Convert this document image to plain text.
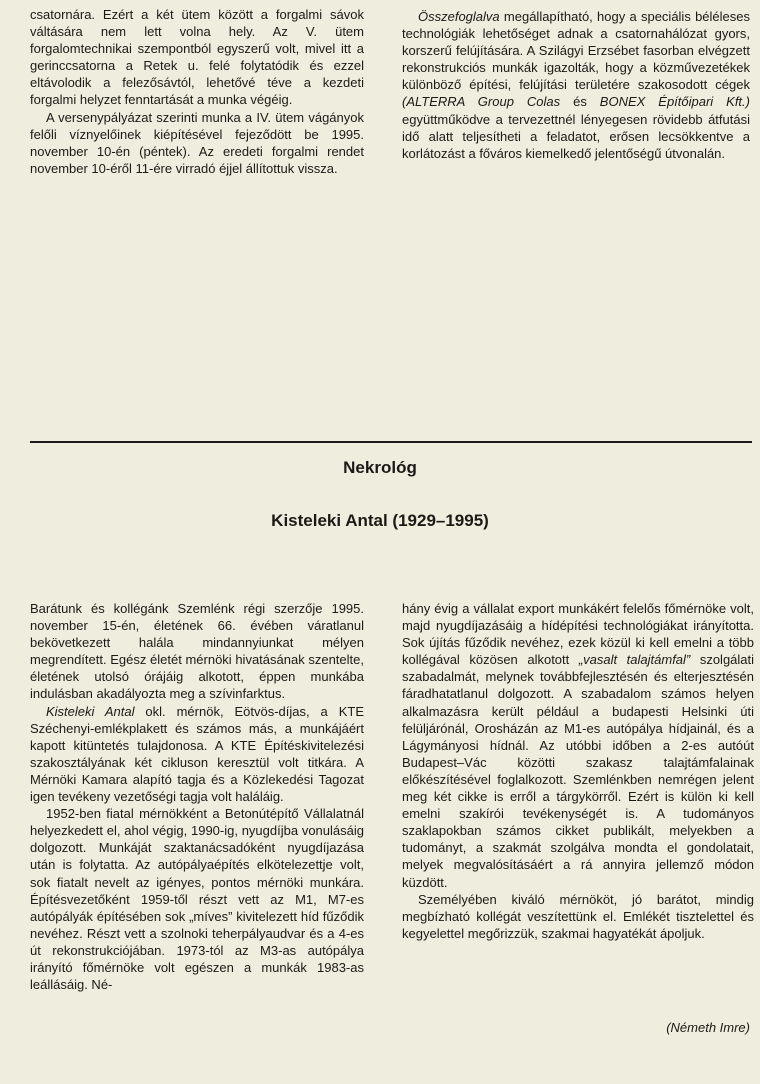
csatornára. Ezért a két ütem között a forgalmi sávok váltására nem lett volna hely. Az V. ütem forgalomtechnikai szempontból egyszerű volt, mivel itt a gerinccsatorna a Retek u. felé folytatódik és ezzel eltávolodik a felezősávtól, lehetővé téve a kezdeti forgalmi helyzet fenntartását a munka végéig.

A versenypályázat szerinti munka a IV. ütem vágányok felőli víznyelőinek kiépítésével fejeződött be 1995. november 10-én (péntek). Az eredeti forgalmi rendet november 10-éről 11-ére virradó éjjel állítottuk vissza.

Összefoglalva megállapítható, hogy a speciális béléleses technológiák lehetőséget adnak a csatornahálózat gyors, korszerű felújítására. A Szilágyi Erzsébet fasorban elvégzett rekonstrukciós munkák igazolták, hogy a közművezetékek különböző építési, felújítási területére szakosodott cégek (ALTERRA Group Colas és BONEX Építőipari Kft.) együttműködve a tervezettnél lényegesen rövidebb átfutási idő alatt teljesítheti a feladatot, erősen lecsökkentve a korlátozást a főváros kiemelkedő jelentőségű útvonalán.

Nekrológ
Kisteleki Antal (1929–1995)

Barátunk és kollégánk Szemlénk régi szerzője 1995. november 15-én, életének 66. évében váratlanul bekövetkezett halála mindannyiunkat mélyen megrendített. Egész életét mérnöki hivatásának szentelte, életének utolsó órájáig alkotott, éppen munkába indulásban akadályozta meg a szívinfarktus.

Kisteleki Antal okl. mérnök, Eötvös-díjas, a KTE Széchenyi-emlékplakett és számos más, a munkájáért kapott kitüntetés tulajdonosa. A KTE Építéskivitelezési szakosztályának két cikluson keresztül volt titkára. A Mérnöki Kamara alapító tagja és a Közlekedési Tagozat igen tevékeny vezetőségi tagja volt haláláig.

1952-ben fiatal mérnökként a Betonútépítő Vállalatnál helyezkedett el, ahol végig, 1990-ig, nyugdíjba vonulásáig dolgozott. Munkáját szaktanácsadóként nyugdíjazása után is folytatta. Az autópályaépítés elkötelezettje volt, sok fiatalt nevelt az igényes, pontos mérnöki munkára. Építésvezetőként 1959-től részt vett az M1, M7-es autópályák építésében sok „míves” kivitelezett híd fűződik nevéhez. Részt vett a szolnoki teherpályaudvar és a 4-es út rekonstrukciójában. 1973-tól az M3-as autópálya irányító főmérnöke volt egészen a munkák 1983-as leállásáig. Né-

hány évig a vállalat export munkákért felelős főmérnöke volt, majd nyugdíjazásáig a hídépítési technológiákat irányította. Sok újítás fűződik nevéhez, ezek közül ki kell emelni a több kollégával közösen alkotott „vasalt talajtámfal” szolgálati szabadalmát, melynek továbbfejlesztésén és elterjesztésén fáradhatatlanul dolgozott. A szabadalom számos helyen alkalmazásra került például a budapesti Helsinki úti felüljárónál, Orosházán az M1-es autópálya hídjainál, és a Lágymányosi hídnál. Az utóbbi időben a 2-es autóút Budapest–Vác közötti szakasz talajtámfalainak előkészítésével foglalkozott. Szemlénkben nemrégen jelent meg két cikke is erről a tárgykörről. Ezért is külön ki kell emelni szakírói tevékenységét is. A tudományos szaklapokban számos cikket publikált, melyekben a tudományt, a szakmát szolgálva mondta el gondolatait, melyek megvalósításáért a rá annyira jellemző módon küzdött.

Személyében kiváló mérnököt, jó barátot, mindig megbízható kollégát veszítettünk el. Emlékét tisztelettel és kegyelettel megőrizzük, szakmai hagyatékát ápoljuk.

(Németh Imre)
